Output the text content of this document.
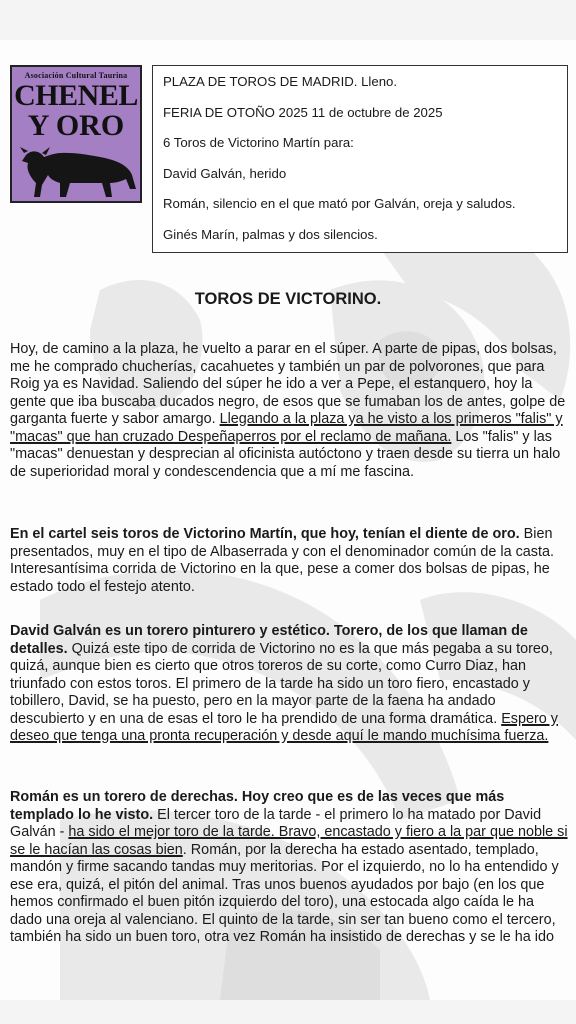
Asociación Cultural Taurina
CHENEL
Y ORO
PLAZA DE TOROS DE MADRID. Lleno.
FERIA DE OTOÑO 2025 11 de octubre de 2025
6 Toros de Victorino Martín para:
David Galván, herido
Román, silencio en el que mató por Galván, oreja y saludos.
Ginés Marín, palmas y dos silencios.
TOROS DE VICTORINO.

Hoy, de camino a la plaza, he vuelto a parar en el súper. A parte de pipas, dos bolsas, me he comprado chucherías, cacahuetes y también un par de polvorones, que para Roig ya es Navidad. Saliendo del súper he ido a ver a Pepe, el estanquero, hoy la gente que iba buscaba ducados negro, de esos que se fumaban los de antes, golpe de garganta fuerte y sabor amargo. Llegando a la plaza ya he visto a los primeros "falis" y "macas" que han cruzado Despeñaperros por el reclamo de mañana. Los "falis" y las "macas" denuestan y desprecian al oficinista autóctono y traen desde su tierra un halo de superioridad moral y condescendencia que a mí me fascina.

En el cartel seis toros de Victorino Martín, que hoy, tenían el diente de oro. Bien presentados, muy en el tipo de Albaserrada y con el denominador común de la casta. Interesantísima corrida de Victorino en la que, pese a comer dos bolsas de pipas, he estado todo el festejo atento.

David Galván es un torero pinturero y estético. Torero, de los que llaman de detalles. Quizá este tipo de corrida de Victorino no es la que más pegaba a su toreo, quizá, aunque bien es cierto que otros toreros de su corte, como Curro Diaz, han triunfado con estos toros. El primero de la tarde ha sido un toro fiero, encastado y tobillero, David, se ha puesto, pero en la mayor parte de la faena ha andado descubierto y en una de esas el toro le ha prendido de una forma dramática. Espero y deseo que tenga una pronta recuperación y desde aquí le mando muchísima fuerza.

Román es un torero de derechas. Hoy creo que es de las veces que más templado lo he visto. El tercer toro de la tarde - el primero lo ha matado por David Galván - ha sido el mejor toro de la tarde. Bravo, encastado y fiero a la par que noble si se le hacían las cosas bien. Román, por la derecha ha estado asentado, templado, mandón y firme sacando tandas muy meritorias. Por el izquierdo, no lo ha entendido y ese era, quizá, el pitón del animal. Tras unos buenos ayudados por bajo (en los que hemos confirmado el buen pitón izquierdo del toro), una estocada algo caída le ha dado una oreja al valenciano. El quinto de la tarde, sin ser tan bueno como el tercero, también ha sido un buen toro, otra vez Román ha insistido de derechas y se le ha ido
